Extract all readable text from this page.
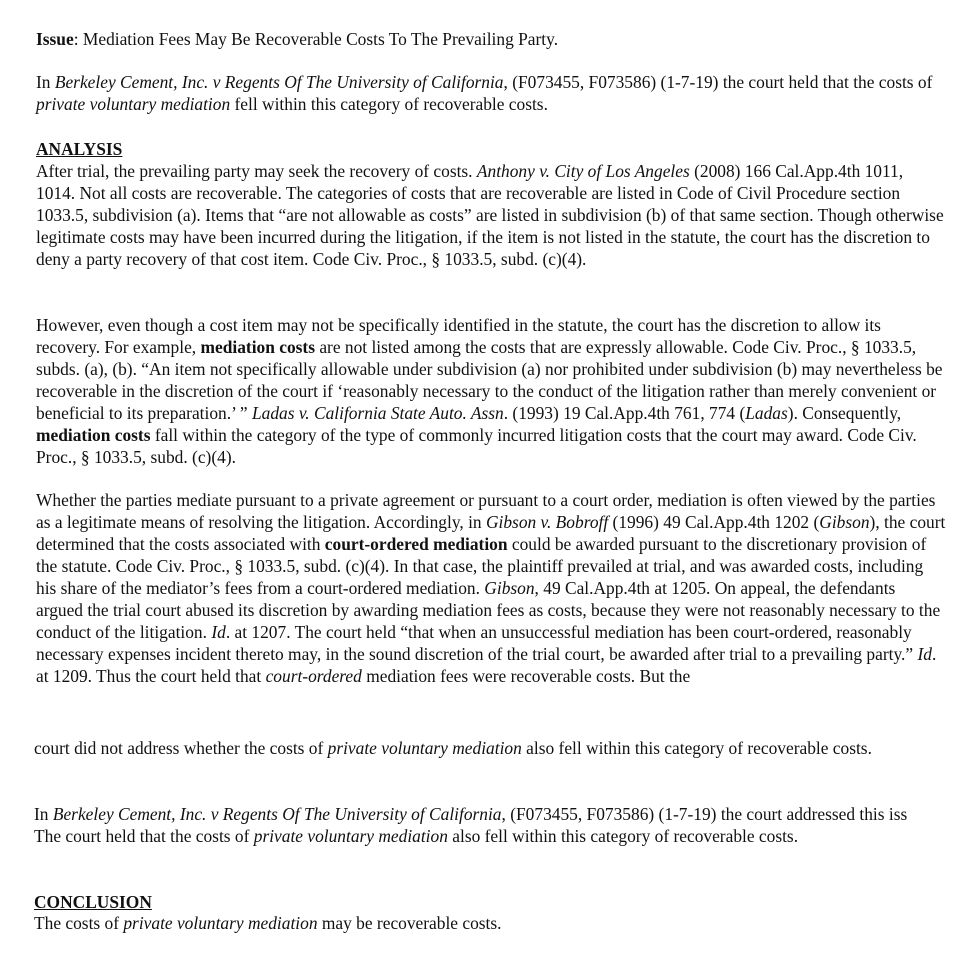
Issue: Mediation Fees May Be Recoverable Costs To The Prevailing Party.

In Berkeley Cement, Inc. v Regents Of The University of California, (F073455, F073586) (1-7-19) the court held that the costs of private voluntary mediation fell within this category of recoverable costs.

ANALYSIS

After trial, the prevailing party may seek the recovery of costs. Anthony v. City of Los Angeles (2008) 166 Cal.App.4th 1011, 1014. Not all costs are recoverable. The categories of costs that are recoverable are listed in Code of Civil Procedure section 1033.5, subdivision (a). Items that “are not allowable as costs” are listed in subdivision (b) of that same section. Though otherwise legitimate costs may have been incurred during the litigation, if the item is not listed in the statute, the court has the discretion to deny a party recovery of that cost item. Code Civ. Proc., § 1033.5, subd. (c)(4).

However, even though a cost item may not be specifically identified in the statute, the court has the discretion to allow its recovery. For example, mediation costs are not listed among the costs that are expressly allowable. Code Civ. Proc., § 1033.5, subds. (a), (b). “An item not specifically allowable under subdivision (a) nor prohibited under subdivision (b) may nevertheless be recoverable in the discretion of the court if ‘reasonably necessary to the conduct of the litigation rather than merely convenient or beneficial to its preparation.’ ” Ladas v. California State Auto. Assn. (1993) 19 Cal.App.4th 761, 774 (Ladas). Consequently, mediation costs fall within the category of the type of commonly incurred litigation costs that the court may award. Code Civ. Proc., § 1033.5, subd. (c)(4).

Whether the parties mediate pursuant to a private agreement or pursuant to a court order, mediation is often viewed by the parties as a legitimate means of resolving the litigation. Accordingly, in Gibson v. Bobroff (1996) 49 Cal.App.4th 1202 (Gibson), the court determined that the costs associated with court-ordered mediation could be awarded pursuant to the discretionary provision of the statute. Code Civ. Proc., § 1033.5, subd. (c)(4). In that case, the plaintiff prevailed at trial, and was awarded costs, including his share of the mediator’s fees from a court-ordered mediation. Gibson, 49 Cal.App.4th at 1205. On appeal, the defendants argued the trial court abused its discretion by awarding mediation fees as costs, because they were not reasonably necessary to the conduct of the litigation. Id. at 1207. The court held “that when an unsuccessful mediation has been court-ordered, reasonably necessary expenses incident thereto may, in the sound discretion of the trial court, be awarded after trial to a prevailing party.” Id. at 1209. Thus the court held that court-ordered mediation fees were recoverable costs. But the

court did not address whether the costs of private voluntary mediation also fell within this category of recoverable costs.

In Berkeley Cement, Inc. v Regents Of The University of California, (F073455, F073586) (1-7-19) the court addressed this issThe court held that the costs of private voluntary mediation also fell within this category of recoverable costs.

CONCLUSION

The costs of private voluntary mediation may be recoverable costs.
